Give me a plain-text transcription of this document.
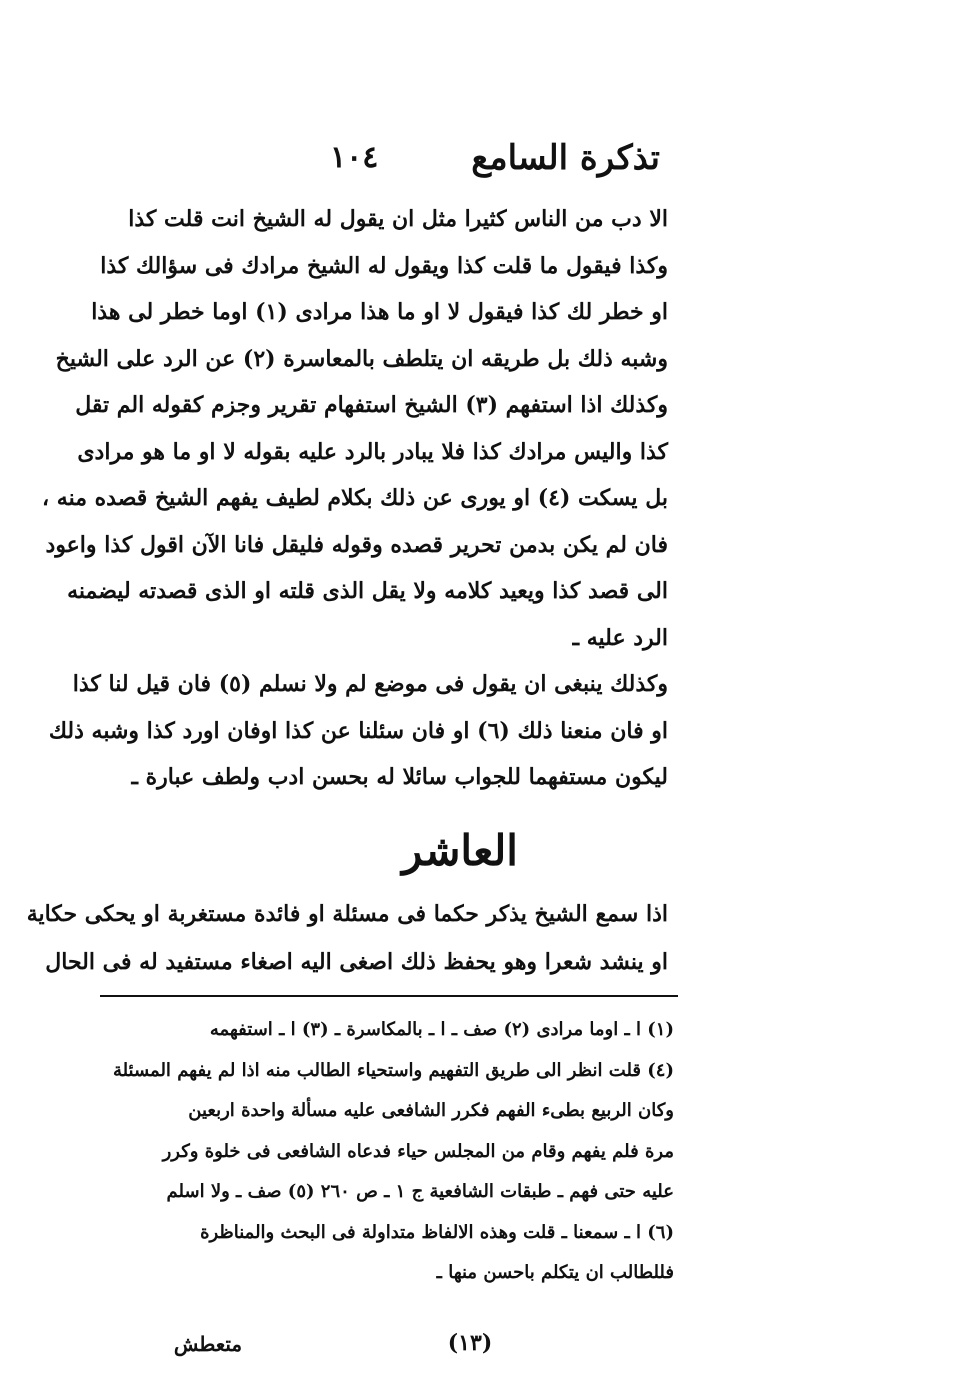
تذكرة السامع
١٠٤
الا دب من الناس كثيرا مثل ان يقول له الشيخ انت قلت كذا
وكذا فيقول ما قلت كذا ويقول له الشيخ مرادك فى سؤالك كذا
او خطر لك كذا فيقول لا او ما هذا مرادى (١) اوما خطر لى هذا
وشبه ذلك بل طريقه ان يتلطف بالمعاسرة (٢) عن الرد على الشيخ
وكذلك اذا استفهم (٣) الشيخ استفهام تقرير وجزم كقوله الم تقل
كذا واليس مرادك كذا فلا يبادر بالرد عليه بقوله لا او ما هو مرادى
بل يسكت (٤) او يورى عن ذلك بكلام لطيف يفهم الشيخ قصده منه ،
فان لم يكن بدمن تحرير قصده وقوله فليقل فانا الآن اقول كذا واعود
الى قصد كذا ويعيد كلامه ولا يقل الذى قلته او الذى قصدته ليضمنه
الرد عليه ـ
وكذلك ينبغى ان يقول فى موضع لم ولا نسلم (٥) فان قيل لنا كذا
او فان منعنا ذلك (٦) او فان سئلنا عن كذا اوفان اورد كذا وشبه ذلك
ليكون مستفهما للجواب سائلا له بحسن ادب ولطف عبارة ـ
العاشر
اذا سمع الشيخ يذكر حكما فى مسئلة او فائدة مستغربة او يحكى حكاية
او ينشد شعرا وهو يحفظ ذلك اصغى اليه اصغاء مستفيد له فى الحال
(١) ا ـ اوما مرادى (٢) صف ـ ا ـ بالمكاسرة ـ (٣) ا ـ استفهمه
(٤) قلت انظر الى طريق التفهيم واستحياء الطالب منه اذا لم يفهم المسئلة
وكان الربيع بطىء الفهم فكرر الشافعى عليه مسألة واحدة اربعين
مرة فلم يفهم وقام من المجلس حياء فدعاه الشافعى فى خلوة وكرر
عليه حتى فهم ـ طبقات الشافعية ج ١ ـ ص ٢٦٠ (٥) صف ـ ولا اسلم
(٦) ا ـ سمعنا ـ قلت وهذه الالفاظ متداولة فى البحث والمناظرة
فللطالب ان يتكلم باحسن منها ـ
(١٣)
متعطش
